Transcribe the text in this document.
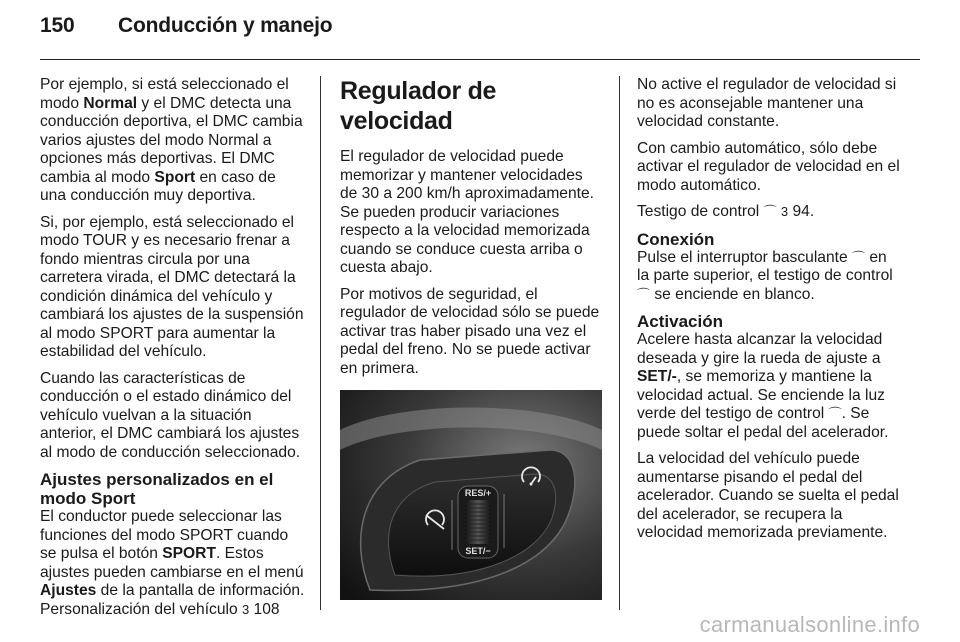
150 Conducción y manejo

Por ejemplo, si está seleccionado el modo Normal y el DMC detecta una conducción deportiva, el DMC cambia varios ajustes del modo Normal a opciones más deportivas. El DMC cambia al modo Sport en caso de una conducción muy deportiva.

Si, por ejemplo, está seleccionado el modo TOUR y es necesario frenar a fondo mientras circula por una carretera virada, el DMC detectará la condición dinámica del vehículo y cambiará los ajustes de la suspensión al modo SPORT para aumentar la estabilidad del vehículo.

Cuando las características de conducción o el estado dinámico del vehículo vuelvan a la situación anterior, el DMC cambiará los ajustes al modo de conducción seleccionado.

Ajustes personalizados en el modo Sport

El conductor puede seleccionar las funciones del modo SPORT cuando se pulsa el botón SPORT. Estos ajustes pueden cambiarse en el menú Ajustes de la pantalla de información. Personalización del vehículo 3 108

Regulador de velocidad

El regulador de velocidad puede memorizar y mantener velocidades de 30 a 200 km/h aproximadamente. Se pueden producir variaciones respecto a la velocidad memorizada cuando se conduce cuesta arriba o cuesta abajo.

Por motivos de seguridad, el regulador de velocidad sólo se puede activar tras haber pisado una vez el pedal del freno. No se puede activar en primera.

RES/+
SET/−

No active el regulador de velocidad si no es aconsejable mantener una velocidad constante.

Con cambio automático, sólo debe activar el regulador de velocidad en el modo automático.

Testigo de control ⌒ 3 94.

Conexión

Pulse el interruptor basculante ⌒ en la parte superior, el testigo de control ⌒ se enciende en blanco.

Activación

Acelere hasta alcanzar la velocidad deseada y gire la rueda de ajuste a SET/-, se memoriza y mantiene la velocidad actual. Se enciende la luz verde del testigo de control ⌒. Se puede soltar el pedal del acelerador.

La velocidad del vehículo puede aumentarse pisando el pedal del acelerador. Cuando se suelta el pedal del acelerador, se recupera la velocidad memorizada previamente.

carmanualsonline.info
